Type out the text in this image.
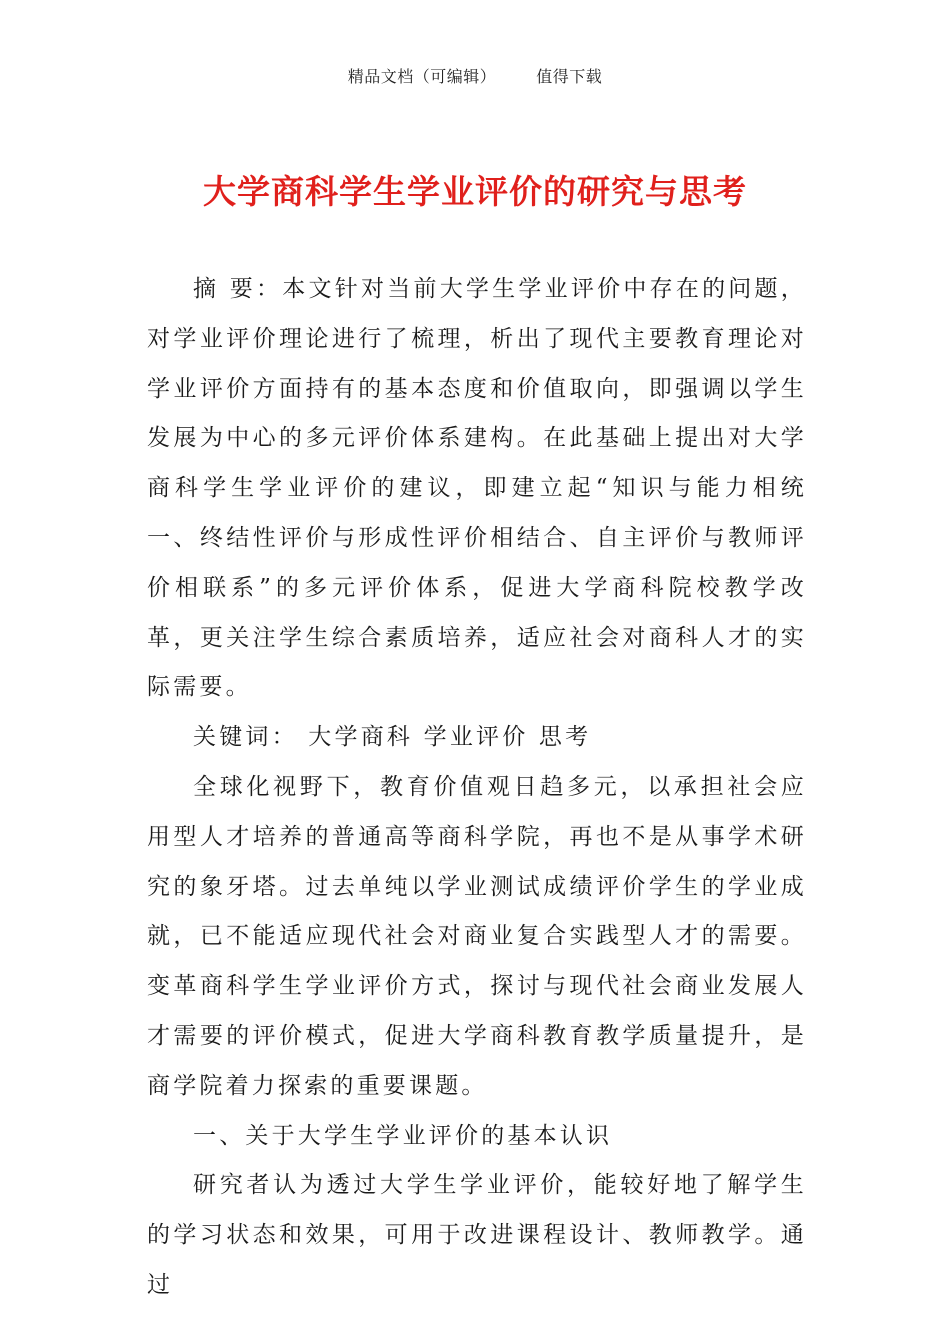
精品文档（可编辑）	值得下载
大学商科学生学业评价的研究与思考

摘 要：本文针对当前大学生学业评价中存在的问题，对学业评价理论进行了梳理，析出了现代主要教育理论对学业评价方面持有的基本态度和价值取向，即强调以学生发展为中心的多元评价体系建构。在此基础上提出对大学商科学生学业评价的建议，即建立起“知识与能力相统一、终结性评价与形成性评价相结合、自主评价与教师评价相联系”的多元评价体系，促进大学商科院校教学改革，更关注学生综合素质培养，适应社会对商科人才的实际需要。

关键词： 大学商科 学业评价 思考

全球化视野下，教育价值观日趋多元，以承担社会应用型人才培养的普通高等商科学院，再也不是从事学术研究的象牙塔。过去单纯以学业测试成绩评价学生的学业成就，已不能适应现代社会对商业复合实践型人才的需要。变革商科学生学业评价方式，探讨与现代社会商业发展人才需要的评价模式，促进大学商科教育教学质量提升，是商学院着力探索的重要课题。

一、关于大学生学业评价的基本认识

研究者认为透过大学生学业评价，能较好地了解学生的学习状态和效果，可用于改进课程设计、教师教学。通过
